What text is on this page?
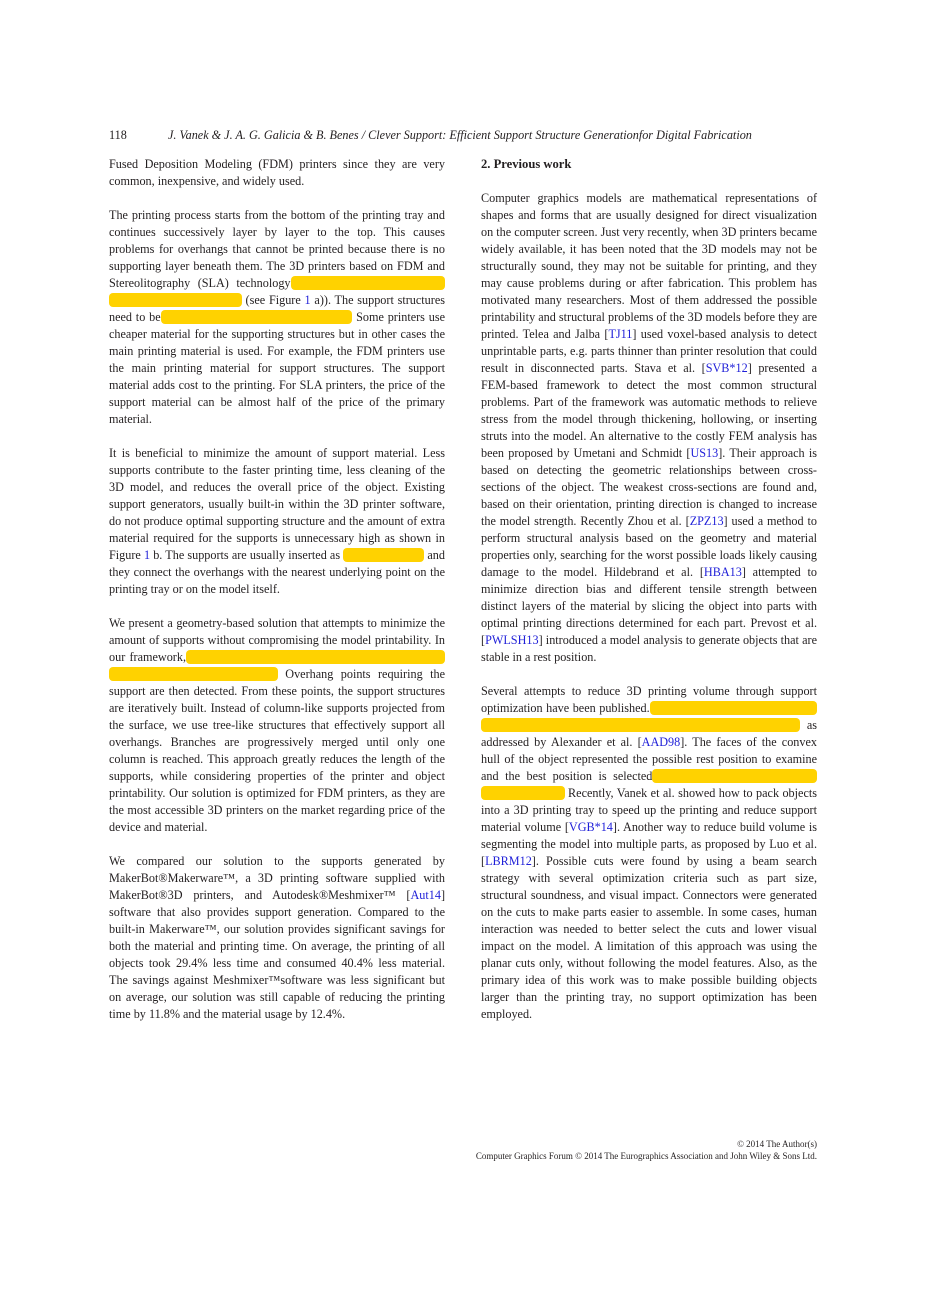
118	J. Vanek & J. A. G. Galicia & B. Benes / Clever Support: Efficient Support Structure Generationfor Digital Fabrication

Fused Deposition Modeling (FDM) printers since they are very common, inexpensive, and widely used.

The printing process starts from the bottom of the printing tray and continues successively layer by layer to the top. This causes problems for overhangs that cannot be printed because there is no supporting layer beneath them. The 3D printers based on FDM and Stereolitography (SLA) technology (see Figure 1 a)). The support structures need to be	Some printers use cheaper material for the supporting structures but in other cases the main printing material is used. For example, the FDM printers use the main printing material for support structures. The support material adds cost to the printing. For SLA printers, the price of the support material can be almost half of the price of the primary material.

It is beneficial to minimize the amount of support material. Less supports contribute to the faster printing time, less cleaning of the 3D model, and reduces the overall price of the object. Existing support generators, usually built-in within the 3D printer software, do not produce optimal supporting structure and the amount of extra material required for the supports is unnecessary high as shown in Figure 1 b. The supports are usually inserted as	and they connect the overhangs with the nearest underlying point on the printing tray or on the model itself.

We present a geometry-based solution that attempts to minimize the amount of supports without compromising the model printability. In our framework, Overhang points requiring the support are then detected. From these points, the support structures are iteratively built. Instead of column-like supports projected from the surface, we use tree-like structures that effectively support all overhangs. Branches are progressively merged until only one column is reached. This approach greatly reduces the length of the supports, while considering properties of the printer and object printability. Our solution is optimized for FDM printers, as they are the most accessible 3D printers on the market regarding price of the device and material.

We compared our solution to the supports generated by MakerBot®Makerware™, a 3D printing software supplied with MakerBot®3D printers, and Autodesk®Meshmixer™ [Aut14] software that also provides support generation. Compared to the built-in Makerware™, our solution provides significant savings for both the material and printing time. On average, the printing of all objects took 29.4% less time and consumed 40.4% less material. The savings against Meshmixer™software was less significant but on average, our solution was still capable of reducing the printing time by 11.8% and the material usage by 12.4%.

2. Previous work

Computer graphics models are mathematical representations of shapes and forms that are usually designed for direct visualization on the computer screen. Just very recently, when 3D printers became widely available, it has been noted that the 3D models may not be structurally sound, they may not be suitable for printing, and they may cause problems during or after fabrication. This problem has motivated many researchers. Most of them addressed the possible printability and structural problems of the 3D models before they are printed. Telea and Jalba [TJ11] used voxel-based analysis to detect unprintable parts, e.g. parts thinner than printer resolution that could result in disconnected parts. Stava et al. [SVB*12] presented a FEM-based framework to detect the most common structural problems. Part of the framework was automatic methods to relieve stress from the model through thickening, hollowing, or inserting struts into the model. An alternative to the costly FEM analysis has been proposed by Umetani and Schmidt [US13]. Their approach is based on detecting the geometric relationships between cross-sections of the object. The weakest cross-sections are found and, based on their orientation, printing direction is changed to increase the model strength. Recently Zhou et al. [ZPZ13] used a method to perform structural analysis based on the geometry and material properties only, searching for the worst possible loads likely causing damage to the model. Hildebrand et al. [HBA13] attempted to minimize direction bias and different tensile strength between distinct layers of the material by slicing the object into parts with optimal printing directions determined for each part. Prevost et al. [PWLSH13] introduced a model analysis to generate objects that are stable in a rest position.

Several attempts to reduce 3D printing volume through support optimization have been published. as addressed by Alexander et al. [AAD98]. The faces of the convex hull of the object represented the possible rest position to examine and the best position is selected Recently, Vanek et al. showed how to pack objects into a 3D printing tray to speed up the printing and reduce support material volume [VGB*14]. Another way to reduce build volume is segmenting the model into multiple parts, as proposed by Luo et al. [LBRM12]. Possible cuts were found by using a beam search strategy with several optimization criteria such as part size, structural soundness, and visual impact. Connectors were generated on the cuts to make parts easier to assemble. In some cases, human interaction was needed to better select the cuts and lower visual impact on the model. A limitation of this approach was using the planar cuts only, without following the model features. Also, as the primary idea of this work was to make possible building objects larger than the printing tray, no support optimization has been employed.

© 2014 The Author(s)
Computer Graphics Forum © 2014 The Eurographics Association and John Wiley & Sons Ltd.
